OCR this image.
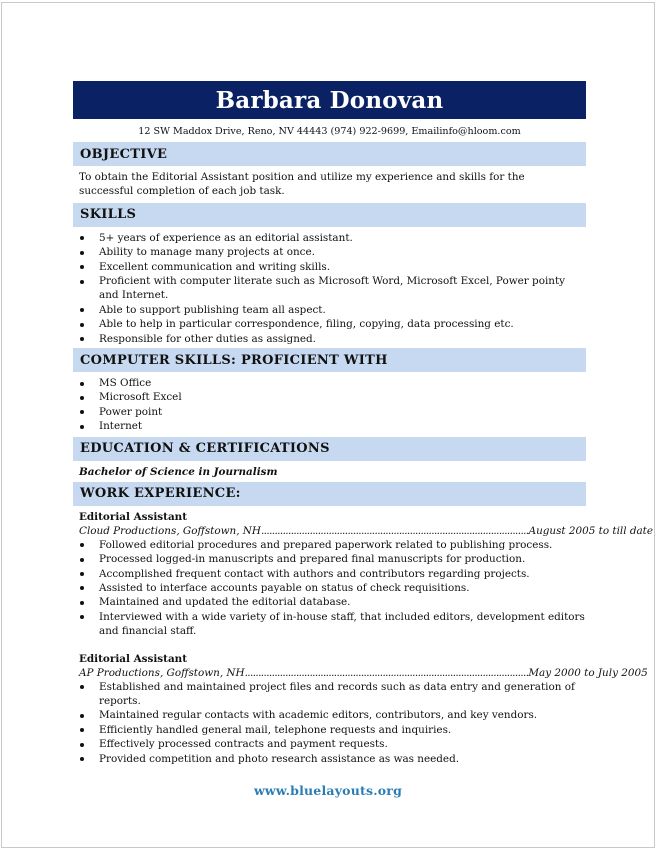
Barbara Donovan
12 SW Maddox Drive, Reno, NV 44443 (974) 922-9699, Emailinfo@hloom.com
OBJECTIVE
To obtain the Editorial Assistant position and utilize my experience and skills for the successful completion of each job task.
SKILLS
5+ years of experience as an editorial assistant.
Ability to manage many projects at once.
Excellent communication and writing skills.
Proficient with computer literate such as Microsoft Word, Microsoft Excel, Power pointy and Internet.
Able to support publishing team all aspect.
Able to help in particular correspondence, filing, copying, data processing etc.
Responsible for other duties as assigned.
COMPUTER SKILLS: PROFICIENT WITH
MS Office
Microsoft Excel
Power point
Internet
EDUCATION & CERTIFICATIONS
Bachelor of Science in Journalism
WORK EXPERIENCE:
Editorial Assistant
Cloud Productions, Goffstown, NH...................................................................................................August 2005 to till date
Followed editorial procedures and prepared paperwork related to publishing process.
Processed logged-in manuscripts and prepared final manuscripts for production.
Accomplished frequent contact with authors and contributors regarding projects.
Assisted to interface accounts payable on status of check requisitions.
Maintained and updated the editorial database.
Interviewed with a wide variety of in-house staff, that included editors, development editors and financial staff.
Editorial Assistant
AP Productions, Goffstown, NH.........................................................................................................May 2000 to July 2005
Established and maintained project files and records such as data entry and generation of reports.
Maintained regular contacts with academic editors, contributors, and key vendors.
Efficiently handled general mail, telephone requests and inquiries.
Effectively processed contracts and payment requests.
Provided competition and photo research assistance as was needed.
www.bluelayouts.org
